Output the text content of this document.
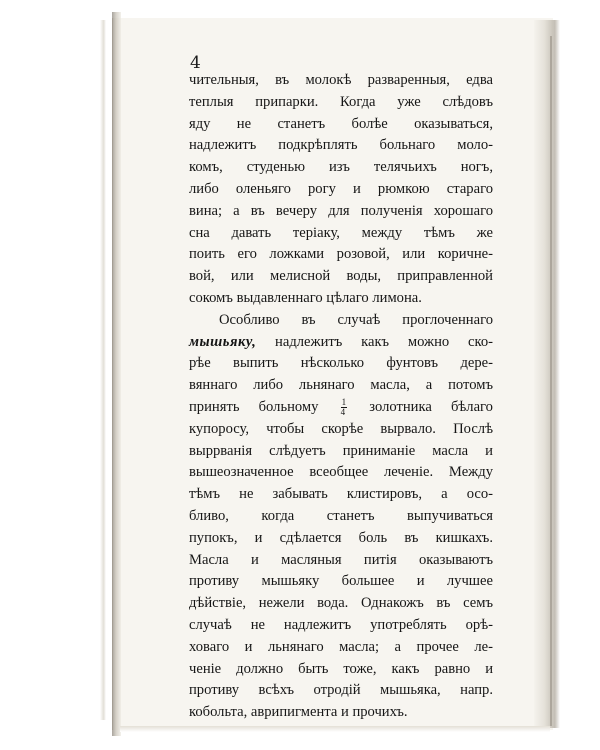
4
чительныя, въ молокѣ разваренныя, едва
теплыя припарки. Когда уже слѣдовъ
яду не станетъ болѣе оказываться,
надлежитъ подкрѣплять больнаго моло-
комъ, студенью изъ телячьихъ ногъ,
либо оленьяго рогу и рюмкою стараго
вина; а въ вечеру для полученія хорошаго
сна давать теріаку, между тѣмъ же
поить его ложками розовой, или коричне-
вой, или мелисной воды, приправленной
сокомъ выдавленнаго цѣлаго лимона.
Особливо въ случаѣ проглоченнаго
мышьяку, надлежитъ какъ можно ско-
рѣе выпить нѣсколько фунтовъ дере-
вяннаго либо льнянаго масла, а потомъ
принять больному $\frac{1}{4}$ золотника бѣлаго
купоросу, чтобы скорѣе вырвало. Послѣ
выррванія слѣдуетъ приниманіе масла и
вышеозначенное всеобщее леченіе. Между
тѣмъ не забывать клистировъ, а осо-
бливо, когда станетъ выпучиваться
пупокъ, и сдѣлается боль въ кишкахъ.
Масла и масляныя питія оказываютъ
противу мышьяку большее и лучшее
дѣйствіе, нежели вода. Однакожъ въ семъ
случаѣ не надлежитъ употреблять орѣ-
ховаго и льнянаго масла; а прочее ле-
ченіе должно быть тоже, какъ равно и
противу всѣхъ отродій мышьяка, напр.
кобольта, аврипигмента и прочихъ.
